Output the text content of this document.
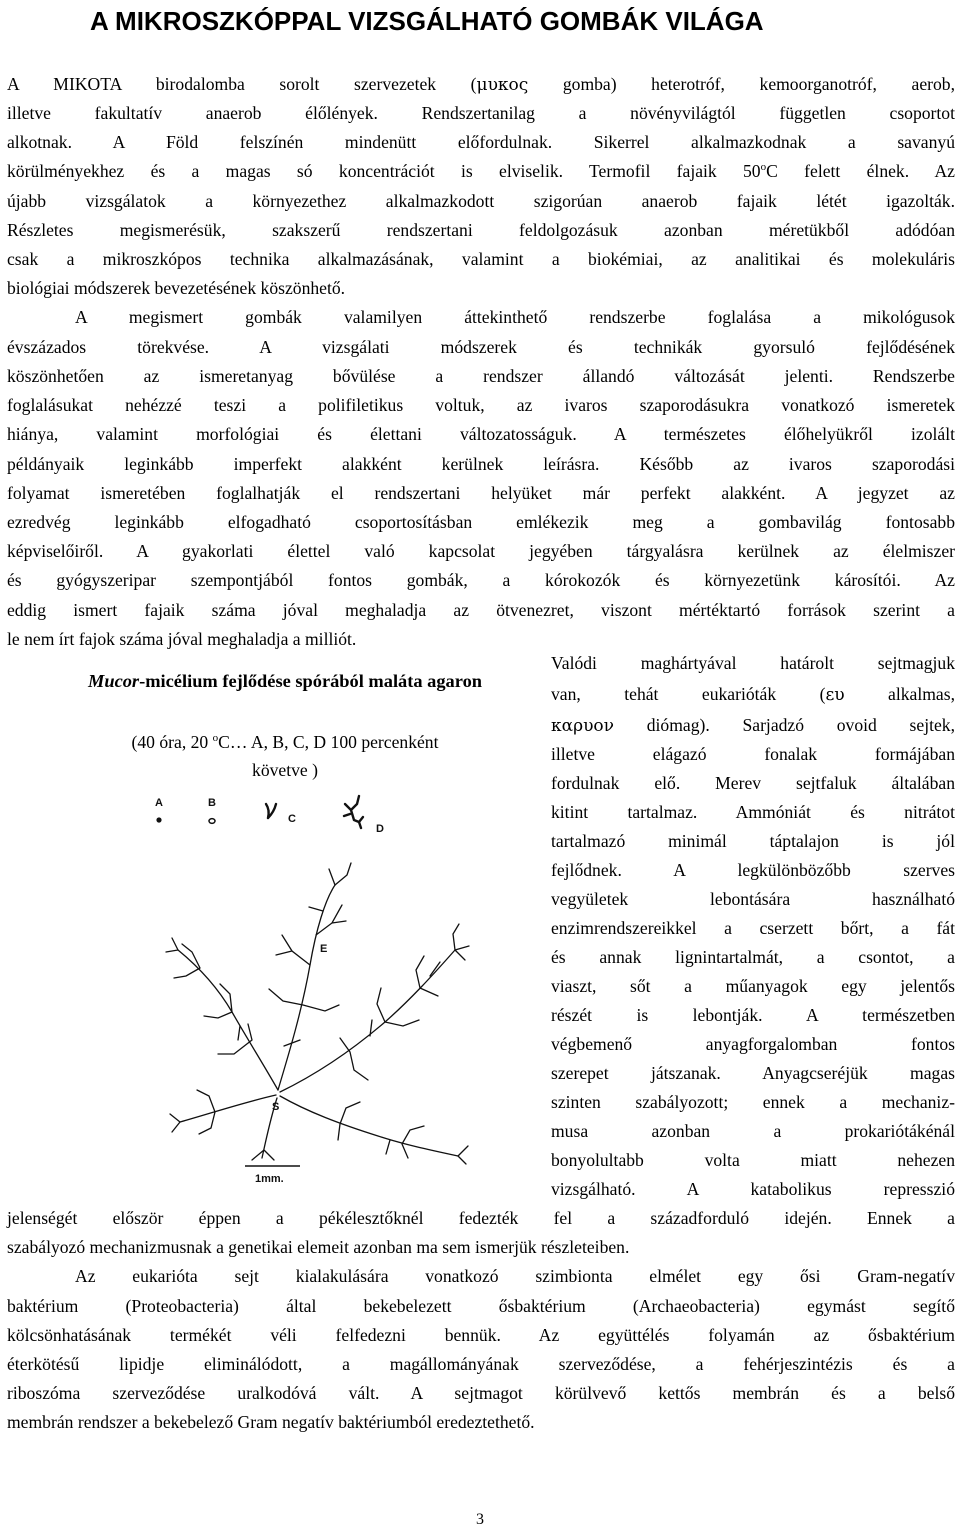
A MIKROSZKÓPPAL VIZSGÁLHATÓ GOMBÁK VILÁGA

A MIKOTA birodalomba sorolt szervezetek (μυκος gomba) heterotróf, kemoorganotróf, aerob,

illetve fakultatív anaerob élőlények. Rendszertanilag a növényvilágtól független csoportot

alkotnak. A Föld felszínén mindenütt előfordulnak. Sikerrel alkalmazkodnak a savanyú

körülményekhez és a magas só koncentrációt is elviselik. Termofil fajaik 50$^o$C felett élnek. Az

újabb vizsgálatok a környezethez alkalmazkodott szigorúan anaerob fajaik létét igazolták.

Részletes megismerésük, szakszerű rendszertani feldolgozásuk azonban méretükből adódóan

csak a mikroszkópos technika alkalmazásának, valamint a biokémiai, az analitikai és molekuláris

biológiai módszerek bevezetésének köszönhető.

A megismert gombák valamilyen áttekinthető rendszerbe foglalása a mikológusok

évszázados törekvése. A vizsgálati módszerek és technikák gyorsuló fejlődésének

köszönhetően az ismeretanyag bővülése a rendszer állandó változását jelenti. Rendszerbe

foglalásukat nehézzé teszi a polifiletikus voltuk, az ivaros szaporodásukra vonatkozó ismeretek

hiánya, valamint morfológiai és élettani változatosságuk. A természetes élőhelyükről izolált

példányaik leginkább imperfekt alakként kerülnek leírásra. Később az ivaros szaporodási

folyamat ismeretében foglalhatják el rendszertani helyüket már perfekt alakként. A jegyzet az

ezredvég leginkább elfogadható csoportosításban emlékezik meg a gombavilág fontosabb

képviselőiről. A gyakorlati élettel való kapcsolat jegyében tárgyalásra kerülnek az élelmiszer

és gyógyszeripar szempontjából fontos gombák, a kórokozók és környezetünk károsítói. Az

eddig ismert fajaik száma jóval meghaladja az ötvenezret, viszont mértéktartó források szerint a

le nem írt fajok száma jóval meghaladja a milliót.

Mucor-micélium fejlődése spórából maláta agaron

(40 óra, 20 $^o$C… A, B, C, D 100 percenként
követve )

A	B
C
D
E
S
1mm.

Valódi maghártyával határolt sejtmagjuk

van, tehát eukarióták (ευ alkalmas,

καρυον diómag). Sarjadzó ovoid sejtek,

illetve elágazó fonalak formájában

fordulnak elő. Merev sejtfaluk általában

kitint tartalmaz. Ammóniát és nitrátot

tartalmazó minimál táptalajon is jól

fejlődnek. A legkülönbözőbb szerves

vegyületek lebontására használható

enzimrendszereikkel a cserzett bőrt, a fát

és annak lignintartalmát, a csontot, a

viaszt, sőt a műanyagok egy jelentős

részét is lebontják. A természetben

végbemenő anyagforgalomban fontos

szerepet játszanak. Anyagcseréjük magas

szinten szabályozott; ennek a mechaniz-

musa azonban a prokariótákénál

bonyolultabb volta miatt nehezen

vizsgálható. A katabolikus represszió

jelenségét először éppen a pékélesztőknél fedezték fel a századforduló idején. Ennek a

szabályozó mechanizmusnak a genetikai elemeit azonban ma sem ismerjük részleteiben.

Az eukarióta sejt kialakulására vonatkozó szimbionta elmélet egy ősi Gram-negatív

baktérium (Proteobacteria) által bekebelezett ősbaktérium (Archaeobacteria) egymást segítő

kölcsönhatásának termékét véli felfedezni bennük. Az együttélés folyamán az ősbaktérium

éterkötésű lipidje eliminálódott, a magállományának szerveződése, a fehérjeszintézis és a

riboszóma szerveződése uralkodóvá vált. A sejtmagot körülvevő kettős membrán és a belső

membrán rendszer a bekebelező Gram negatív baktériumból eredeztethető.

3
